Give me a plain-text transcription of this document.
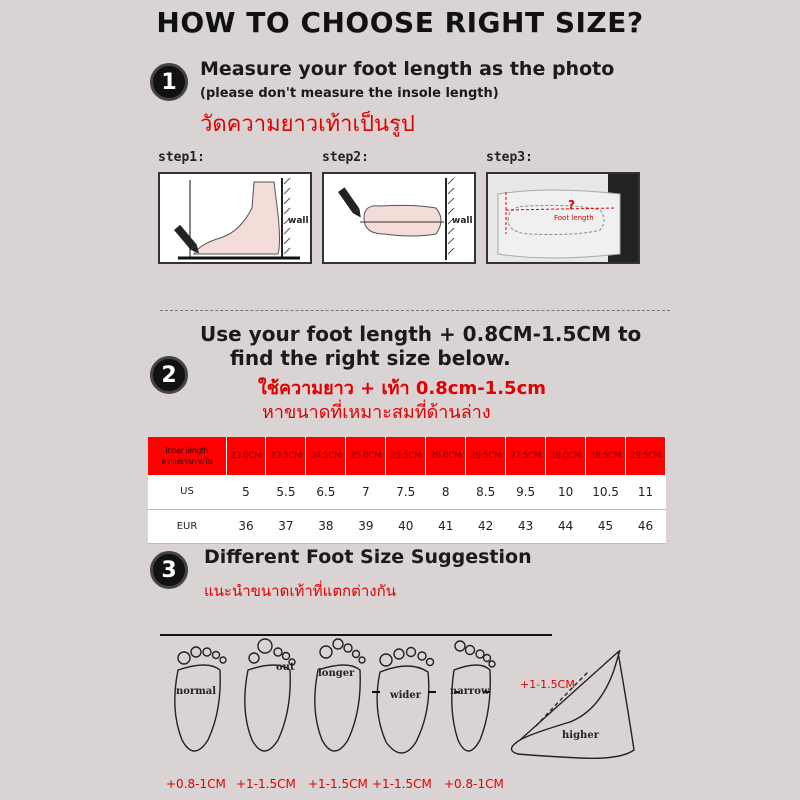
HOW TO CHOOSE RIGHT SIZE?
1
Measure your foot length as the photo
(please don't measure the insole length)
วัดความยาวเท้าเป็นรูป
step1:	step2:	step3:
wall	wall
?
Foot length
Use your foot length + 0.8CM-1.5CM to
find the right size below.
2
ใช้ความยาว + เท้า 0.8cm-1.5cm
หาขนาดที่เหมาะสมที่ด้านล่าง
Inner length
ความยาวภายใน	23.0CM	23.5CM	24.5CM	25.0CM	25.5CM	26.0CM	26.5CM	27.5CM	28.0CM	28.5CM	29.5CM
US	5	5.5	6.5	7	7.5	8	8.5	9.5	10	10.5	11
EUR	36	37	38	39	40	41	42	43	44	45	46
3
Different Foot Size Suggestion
แนะนำขนาดเท้าที่แตกต่างกัน
normal
out
longer
wider	narrow
higher
+1-1.5CM
+0.8-1CM +1-1.5CM +1-1.5CM +1-1.5CM +0.8-1CM
